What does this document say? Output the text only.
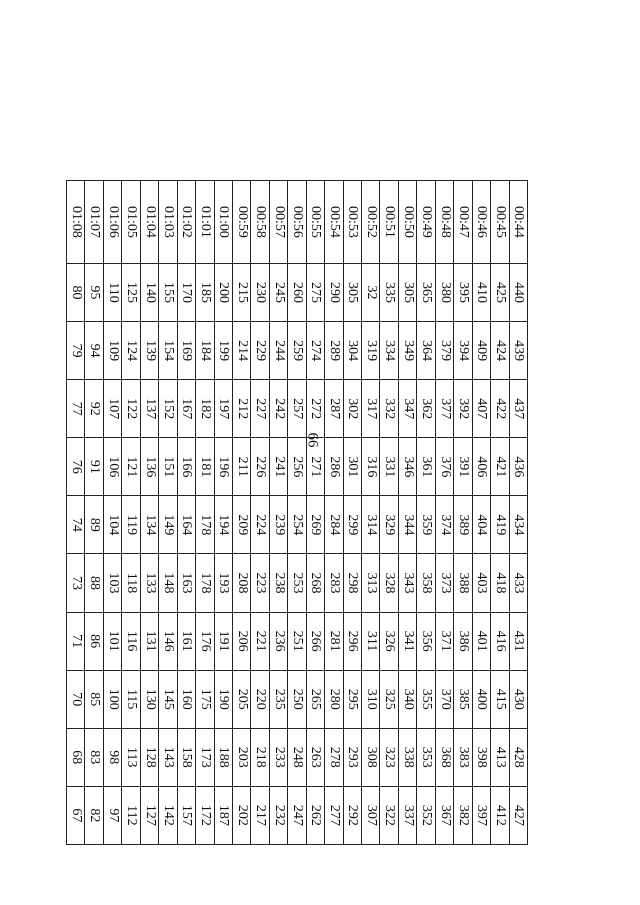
66
00:44	440	439	437	436	434	433	431	430	428	427
00:45	425	424	422	421	419	418	416	415	413	412
00:46	410	409	407	406	404	403	401	400	398	397
00:47	395	394	392	391	389	388	386	385	383	382
00:48	380	379	377	376	374	373	371	370	368	367
00:49	365	364	362	361	359	358	356	355	353	352
00:50	305	349	347	346	344	343	341	340	338	337
00:51	335	334	332	331	329	328	326	325	323	322
00:52	32	319	317	316	314	313	311	310	308	307
00:53	305	304	302	301	299	298	296	295	293	292
00:54	290	289	287	286	284	283	281	280	278	277
00:55	275	274	272	271	269	268	266	265	263	262
00:56	260	259	257	256	254	253	251	250	248	247
00:57	245	244	242	241	239	238	236	235	233	232
00:58	230	229	227	226	224	223	221	220	218	217
00:59	215	214	212	211	209	208	206	205	203	202
01:00	200	199	197	196	194	193	191	190	188	187
01:01	185	184	182	181	178	178	176	175	173	172
01:02	170	169	167	166	164	163	161	160	158	157
01:03	155	154	152	151	149	148	146	145	143	142
01:04	140	139	137	136	134	133	131	130	128	127
01:05	125	124	122	121	119	118	116	115	113	112
01:06	110	109	107	106	104	103	101	100	98	97
01:07	95	94	92	91	89	88	86	85	83	82
01:08	80	79	77	76	74	73	71	70	68	67
